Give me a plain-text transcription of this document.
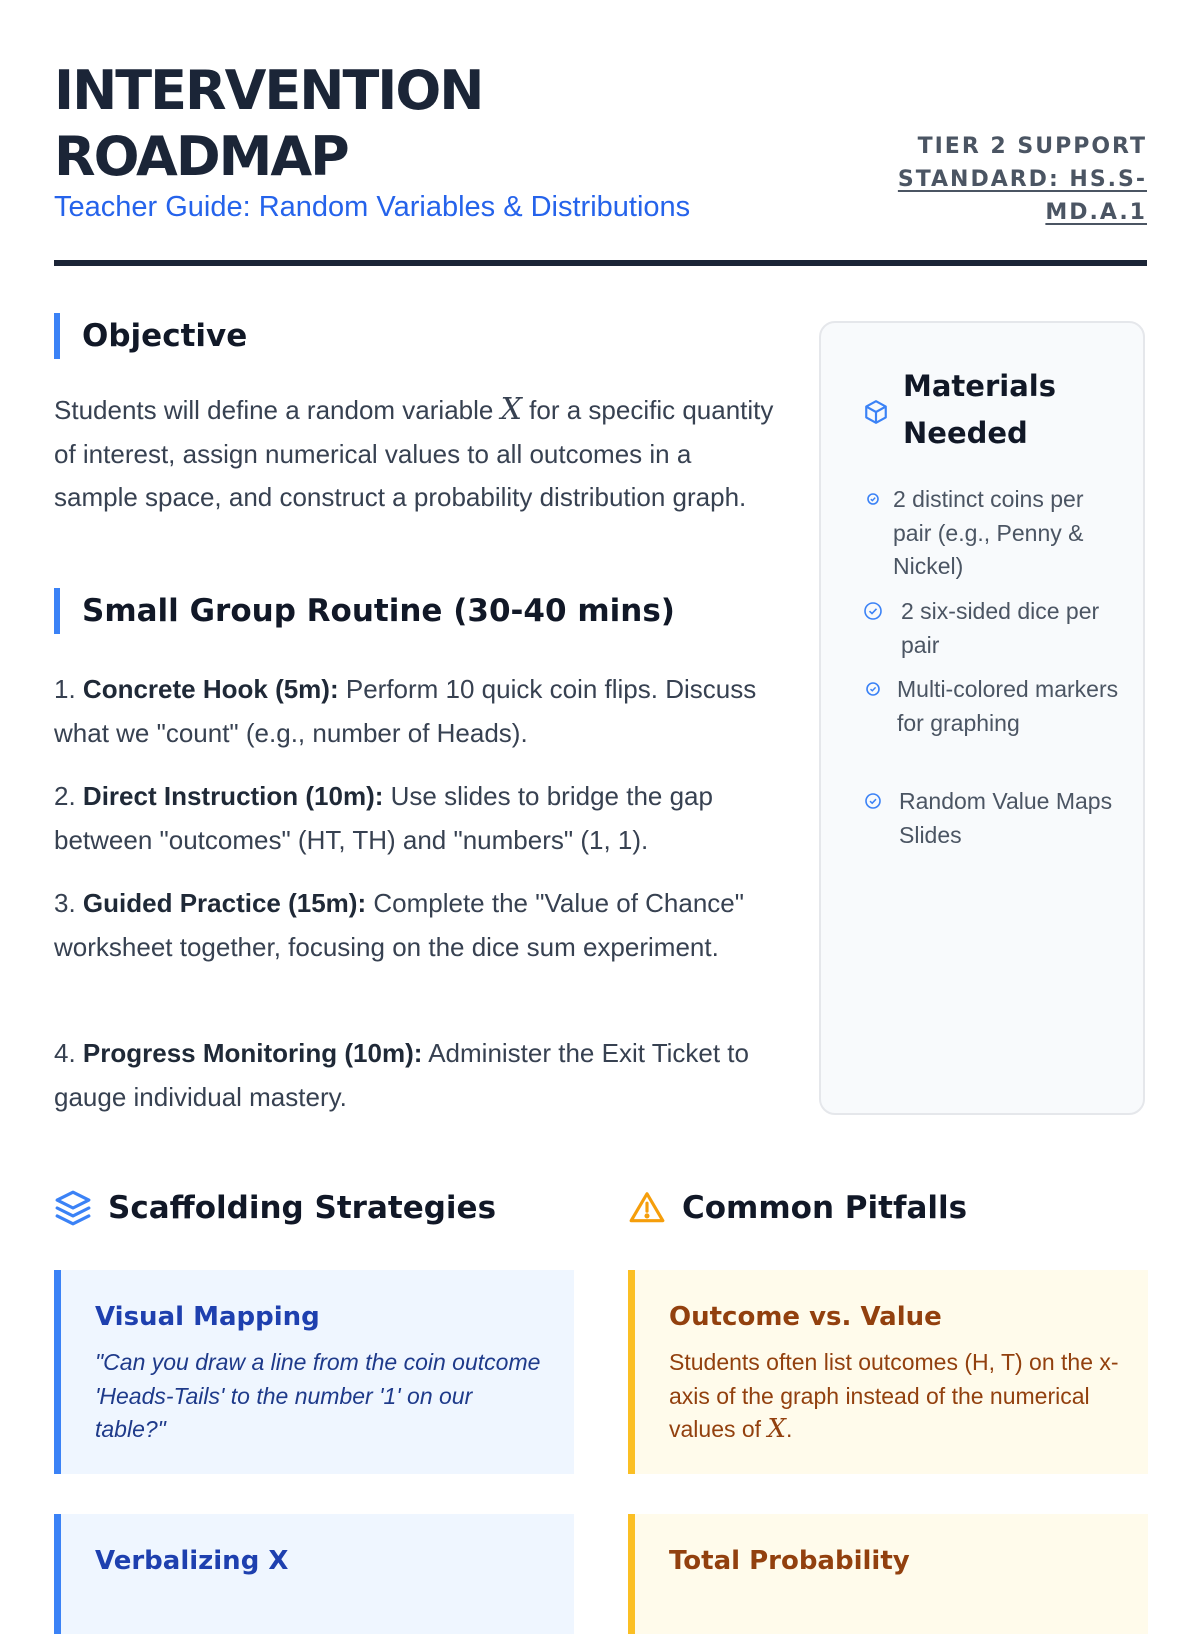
INTERVENTION
ROADMAP
Teacher Guide: Random Variables & Distributions
TIER 2 SUPPORT
STANDARD: HS.S-MD.A.1
Objective

Students will define a random variable X for a specific quantity of interest, assign numerical values to all outcomes in a sample space, and construct a probability distribution graph.

Small Group Routine (30-40 mins)

1. Concrete Hook (5m): Perform 10 quick coin flips. Discuss what we "count" (e.g., number of Heads).

2. Direct Instruction (10m): Use slides to bridge the gap between "outcomes" (HT, TH) and "numbers" (1, 1).

3. Guided Practice (15m): Complete the "Value of Chance" worksheet together, focusing on the dice sum experiment.

4. Progress Monitoring (10m): Administer the Exit Ticket to gauge individual mastery.

Materials Needed
2 distinct coins per pair (e.g., Penny & Nickel)
2 six-sided dice per pair
Multi-colored markers for graphing
Random Value Maps Slides
Scaffolding Strategies
Visual Mapping

"Can you draw a line from the coin outcome 'Heads-Tails' to the number '1' on our table?"

Verbalizing X

Common Pitfalls
Outcome vs. Value

Students often list outcomes (H, T) on the x-axis of the graph instead of the numerical values of X.

Total Probability
